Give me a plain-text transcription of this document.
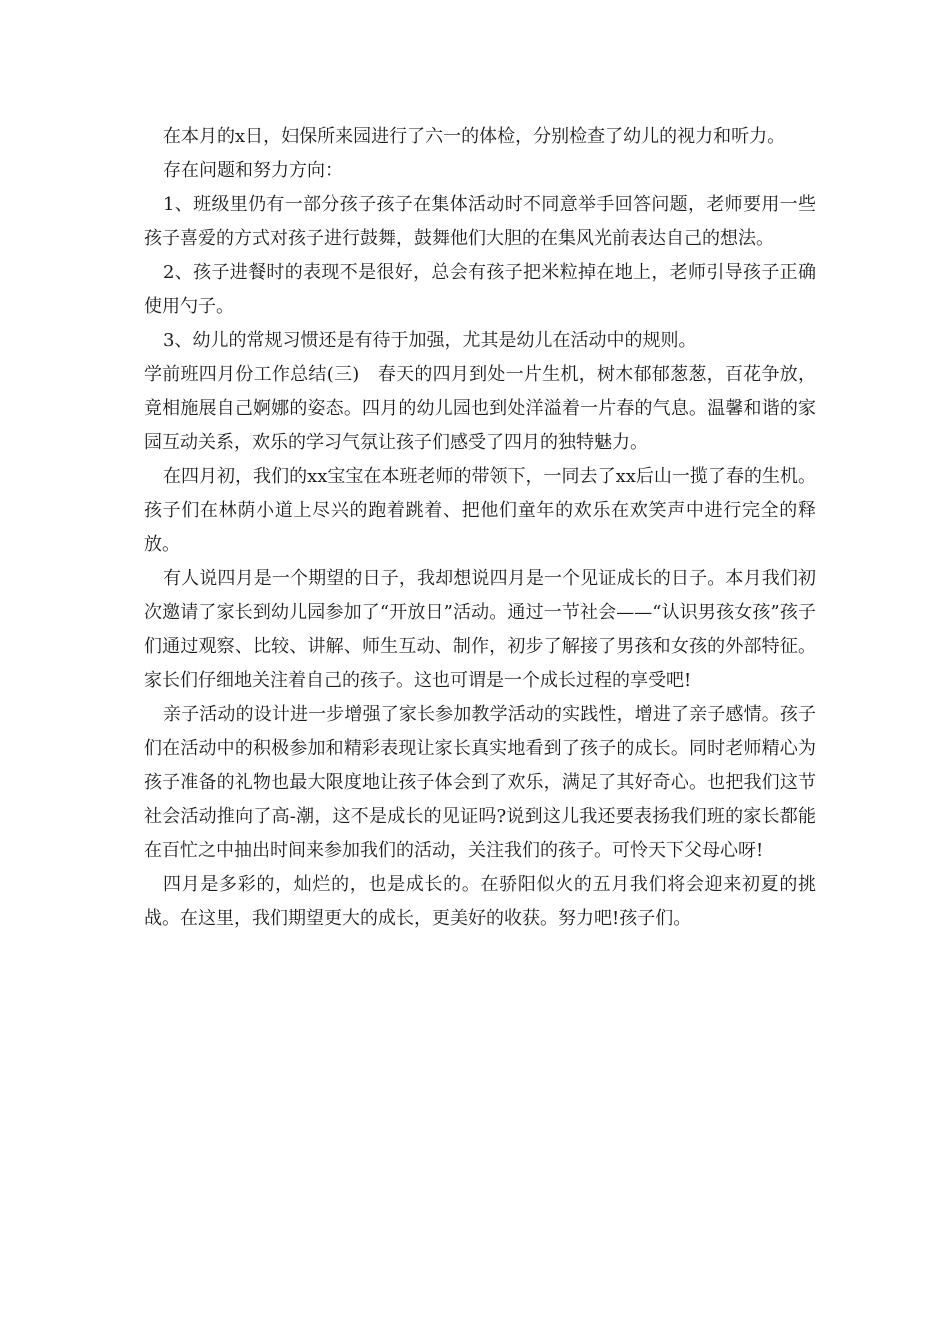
在本月的x日，妇保所来园进行了六一的体检，分别检查了幼儿的视力和听力。

存在问题和努力方向：

1、班级里仍有一部分孩子孩子在集体活动时不同意举手回答问题，老师要用一些孩子喜爱的方式对孩子进行鼓舞，鼓舞他们大胆的在集风光前表达自己的想法。

2、孩子进餐时的表现不是很好，总会有孩子把米粒掉在地上，老师引导孩子正确使用勺子。

3、幼儿的常规习惯还是有待于加强，尤其是幼儿在活动中的规则。

学前班四月份工作总结(三)　春天的四月到处一片生机，树木郁郁葱葱，百花争放，竟相施展自己婀娜的姿态。四月的幼儿园也到处洋溢着一片春的气息。温馨和谐的家园互动关系，欢乐的学习气氛让孩子们感受了四月的独特魅力。

在四月初，我们的xx宝宝在本班老师的带领下，一同去了xx后山一揽了春的生机。孩子们在林荫小道上尽兴的跑着跳着、把他们童年的欢乐在欢笑声中进行完全的释放。

有人说四月是一个期望的日子，我却想说四月是一个见证成长的日子。本月我们初次邀请了家长到幼儿园参加了“开放日”活动。通过一节社会——“认识男孩女孩”孩子们通过观察、比较、讲解、师生互动、制作，初步了解接了男孩和女孩的外部特征。家长们仔细地关注着自己的孩子。这也可谓是一个成长过程的享受吧!

亲子活动的设计进一步增强了家长参加教学活动的实践性，增进了亲子感情。孩子们在活动中的积极参加和精彩表现让家长真实地看到了孩子的成长。同时老师精心为孩子准备的礼物也最大限度地让孩子体会到了欢乐，满足了其好奇心。也把我们这节社会活动推向了高-潮，这不是成长的见证吗?说到这儿我还要表扬我们班的家长都能在百忙之中抽出时间来参加我们的活动，关注我们的孩子。可怜天下父母心呀!

四月是多彩的，灿烂的，也是成长的。在骄阳似火的五月我们将会迎来初夏的挑战。在这里，我们期望更大的成长，更美好的收获。努力吧!孩子们。
